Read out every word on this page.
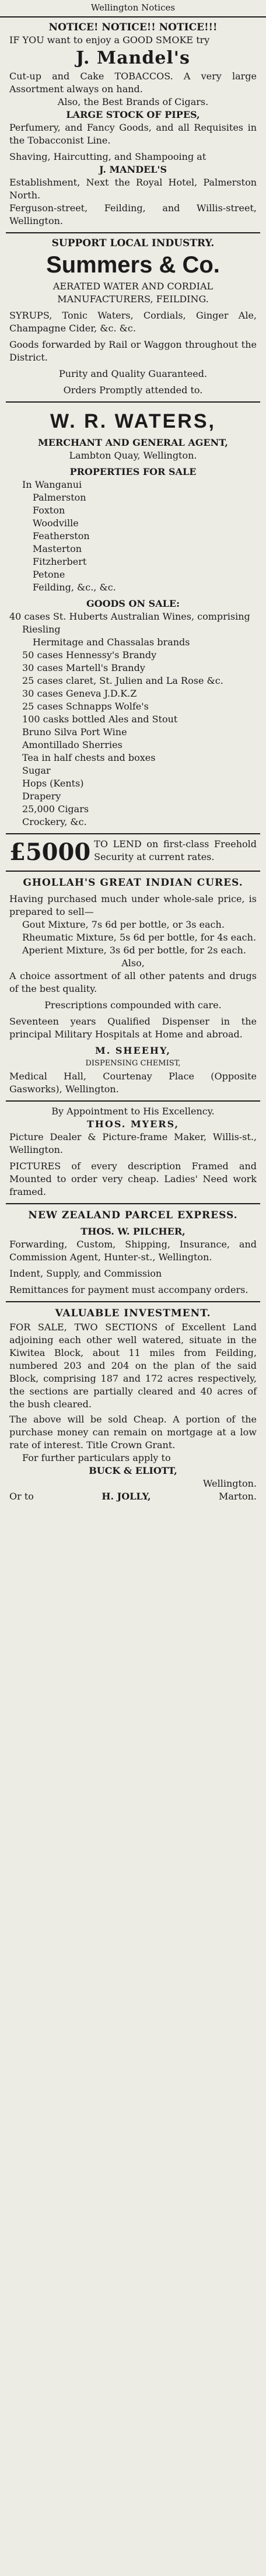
Wellington Notices
NOTICE! NOTICE!! NOTICE!!!
IF YOU want to enjoy a GOOD SMOKE try
J. Mandel's
Cut-up and Cake TOBACCOS. A very large Assortment always on hand.
Also, the Best Brands of Cigars.
LARGE STOCK OF PIPES,
Perfumery, and Fancy Goods, and all Requisites in the Tobacconist Line.
Shaving, Haircutting, and Shampooing at
J. MANDEL'S
Establishment, Next the Royal Hotel, Palmerston North.
Ferguson-street, Feilding, and Willis-street, Wellington.
SUPPORT LOCAL INDUSTRY.
Summers & Co.
AERATED WATER AND CORDIAL MANUFACTURERS, FEILDING.
SYRUPS, Tonic Waters, Cordials, Ginger Ale, Champagne Cider, &c. &c.
Goods forwarded by Rail or Waggon throughout the District.
Purity and Quality Guaranteed.
Orders Promptly attended to.
W. R. WATERS,
MERCHANT AND GENERAL AGENT,
Lambton Quay, Wellington.
PROPERTIES FOR SALE
In Wanganui
Palmerston
Foxton
Woodville
Featherston
Masterton
Fitzherbert
Petone
Feilding, &c., &c.
GOODS ON SALE:
40 cases St. Huberts Australian Wines, comprising
Riesling
Hermitage and Chassalas brands
50 cases Hennessy's Brandy
30 cases Martell's Brandy
25 cases claret, St. Julien and La Rose &c.
30 cases Geneva J.D.K.Z
25 cases Schnapps Wolfe's
100 casks bottled Ales and Stout
Bruno Silva Port Wine
Amontillado Sherries
Tea in half chests and boxes
Sugar
Hops (Kents)
Drapery
25,000 Cigars
Crockery, &c.
£5000 TO LEND on first-class Freehold Security at current rates.
GHOLLAH'S GREAT INDIAN CURES.
Having purchased much under whole-sale price, is prepared to sell—
Gout Mixture, 7s 6d per bottle, or 3s each.
Rheumatic Mixture, 5s 6d per bottle, for 4s each.
Aperient Mixture, 3s 6d per bottle, for 2s each.
Also,
A choice assortment of all other patents and drugs of the best quality.
Prescriptions compounded with care.
Seventeen years Qualified Dispenser in the principal Military Hospitals at Home and abroad.
M. SHEEHY,
DISPENSING CHEMIST,
Medical Hall, Courtenay Place (Opposite Gasworks), Wellington.
By Appointment to His Excellency.
THOS. MYERS,
Picture Dealer & Picture-frame Maker, Willis-st., Wellington.
PICTURES of every description Framed and Mounted to order very cheap. Ladies' Need work framed.
NEW ZEALAND PARCEL EXPRESS.
THOS. W. PILCHER,
Forwarding, Custom, Shipping, Insurance, and Commission Agent, Hunter-st., Wellington.
Indent, Supply, and Commission
Remittances for payment must accompany orders.
VALUABLE INVESTMENT.
FOR SALE, TWO SECTIONS of Excellent Land adjoining each other well watered, situate in the Kiwitea Block, about 11 miles from Feilding, numbered 203 and 204 on the plan of the said Block, comprising 187 and 172 acres respectively, the sections are partially cleared and 40 acres of the bush cleared.
The above will be sold Cheap. A portion of the purchase money can remain on mortgage at a low rate of interest. Title Crown Grant.
For further particulars apply to
BUCK & ELIOTT,
Wellington.
Or to	H. JOLLY,	Marton.
